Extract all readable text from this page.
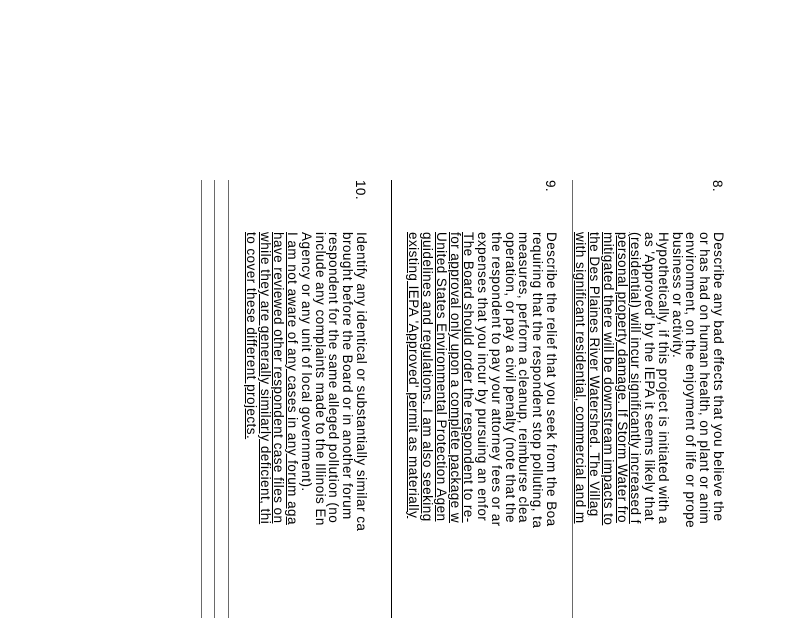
8.
Describe any bad effects that you believe the
or has had on human health, on plant or anim
environment, on the enjoyment of life or prope
business or activity.
Hypothetically, if this project is initiated with a
as 'Approved' by the IEPA it seems likely that
(residential) will incur significantly increased f
personal property damage. If Storm Water fro
mitigated there will be downstream impacts to
the Des Plaines River Watershed. The Villag
with significant residential, commercial and m
9.
Describe the relief that you seek from the Boa
requiring that the respondent stop polluting, ta
measures, perform a cleanup, reimburse clea
operation, or pay a civil penalty (note that the
the respondent to pay your attorney fees or ar
expenses that you incur by pursuing an enfor
The Board should order the respondent to re-
for approval only upon a complete package w
United States Environmental Protection Agen
guidelines and regulations. I am also seeking
existing IEPA 'Approved' permit as materially
10.
Identify any identical or substantially similar ca
brought before the Board or in another forum
respondent for the same alleged pollution (no
include any complaints made to the Illinois En
Agency or any unit of local government).
I am not aware of any cases in any forum aga
have reviewed other respondent case files on
while they are generally similarly deficient, thi
to cover these different projects.
